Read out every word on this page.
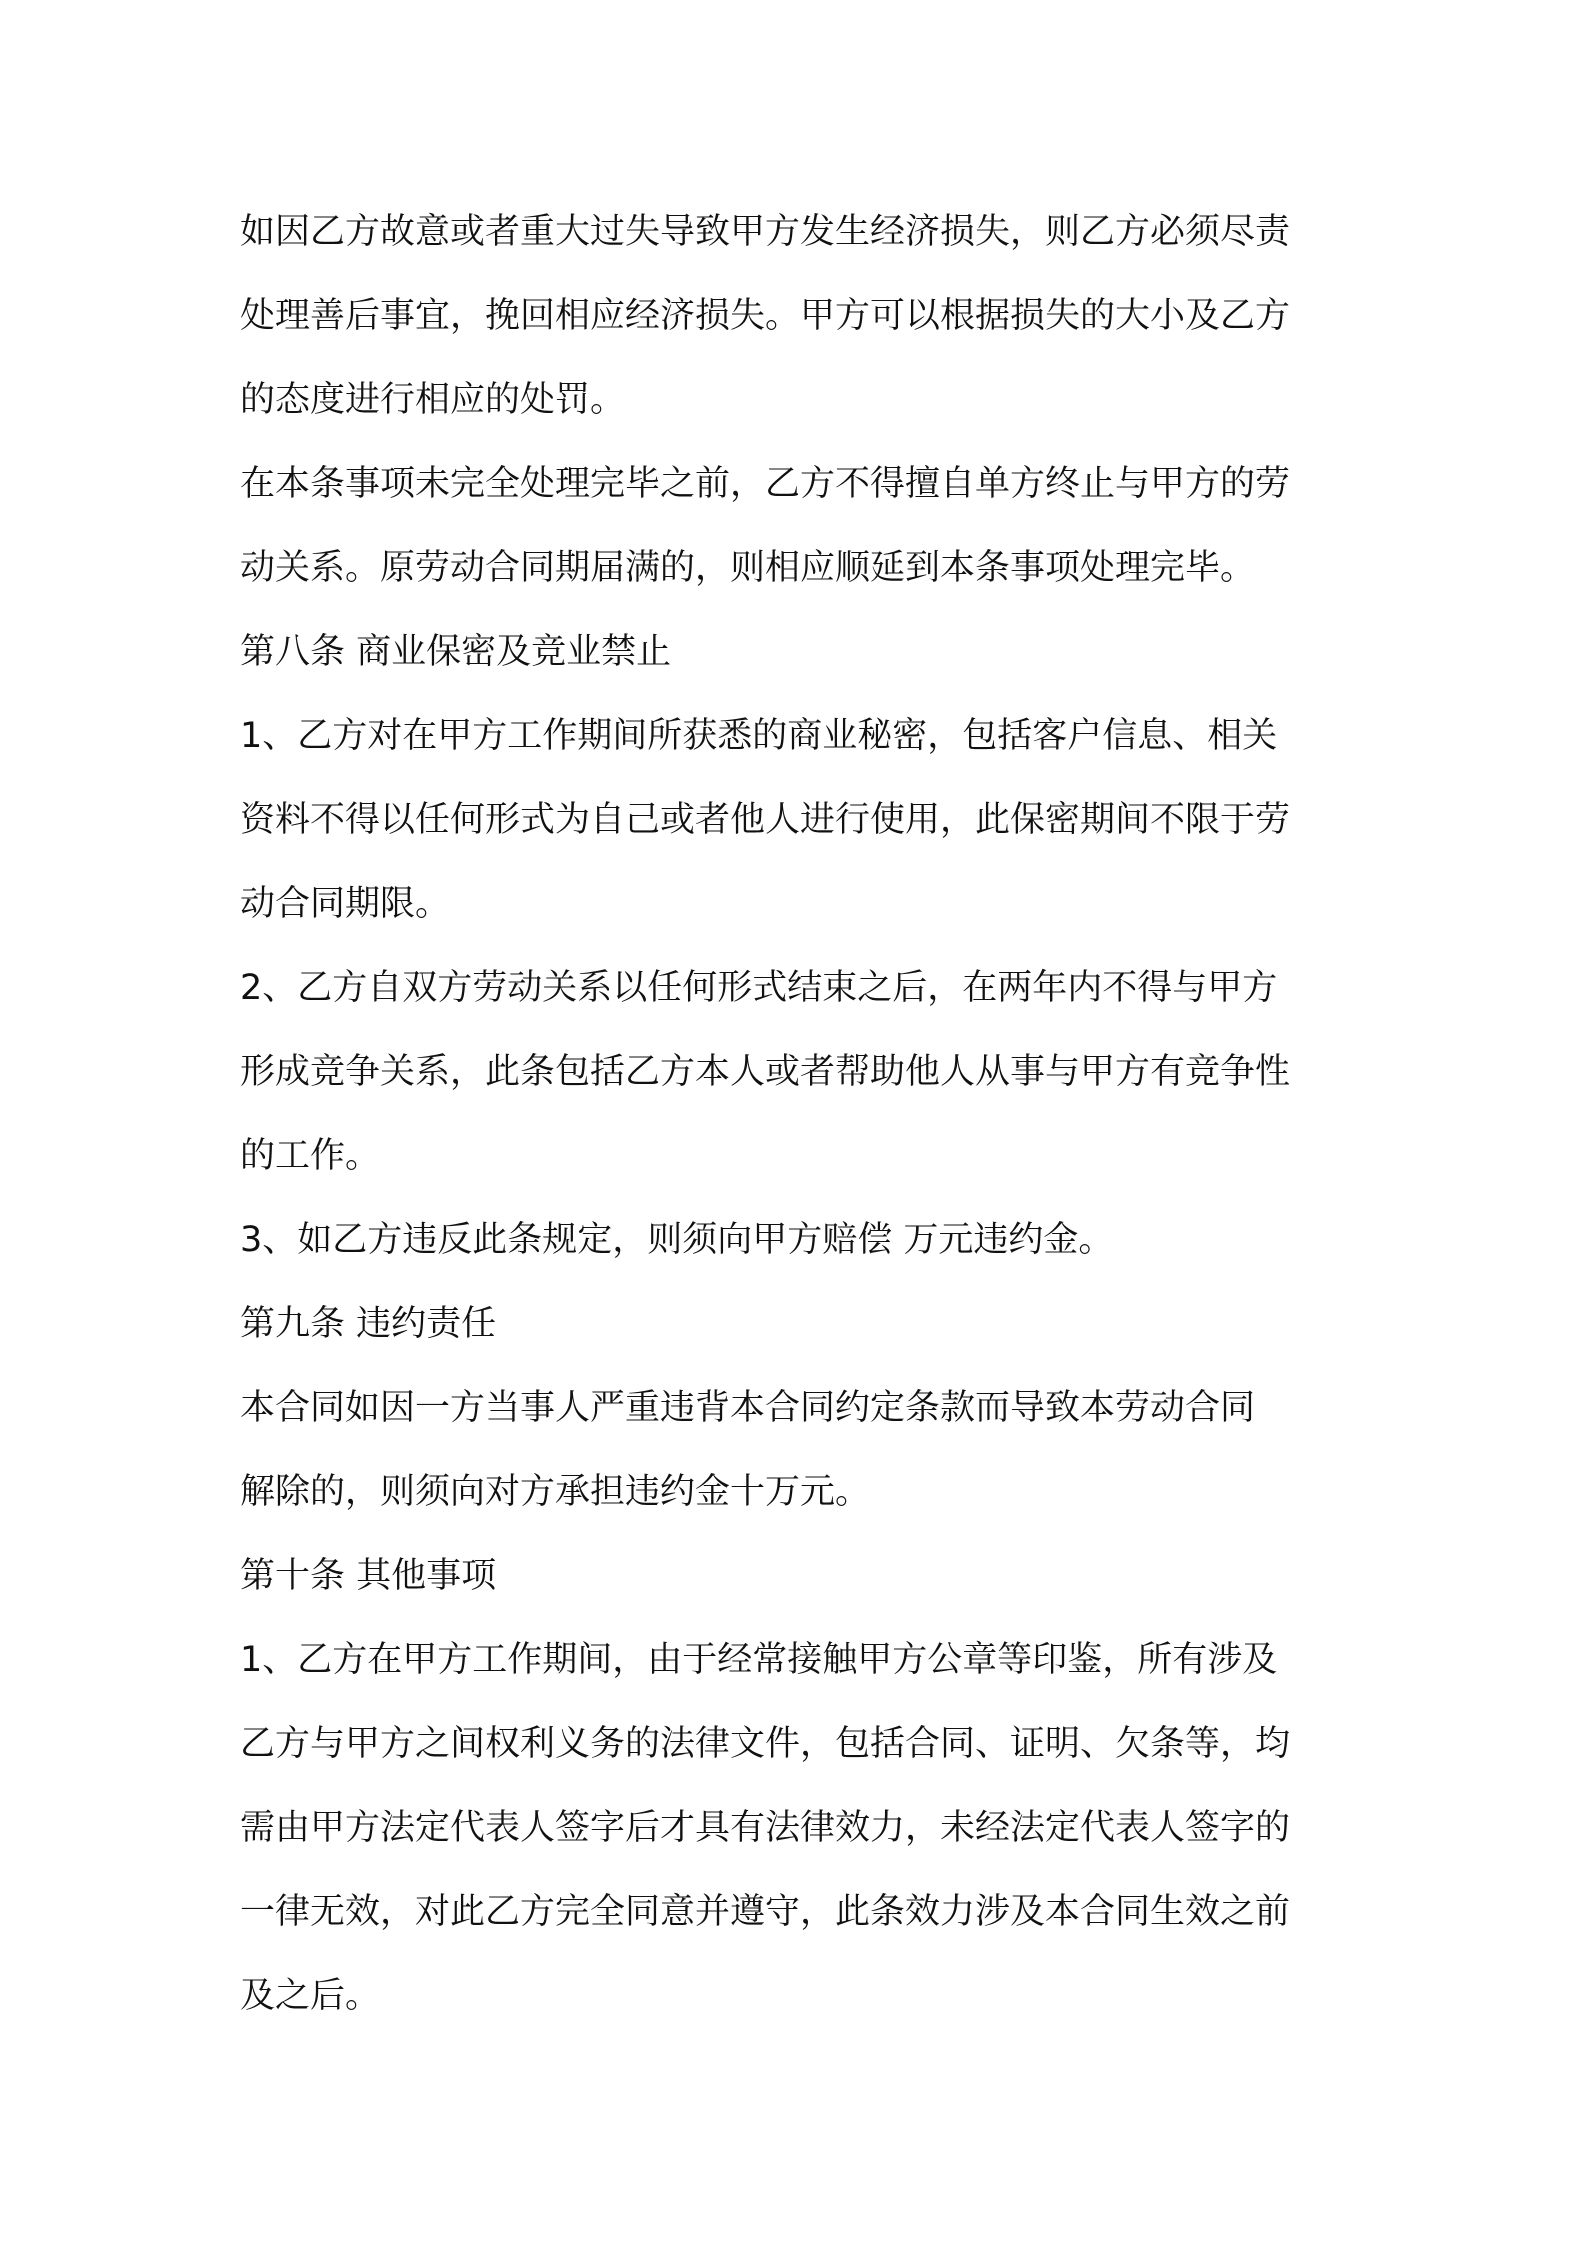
如因乙方故意或者重大过失导致甲方发生经济损失，则乙方必须尽责
处理善后事宜，挽回相应经济损失。甲方可以根据损失的大小及乙方
的态度进行相应的处罚。
在本条事项未完全处理完毕之前，乙方不得擅自单方终止与甲方的劳
动关系。原劳动合同期届满的，则相应顺延到本条事项处理完毕。
第八条 商业保密及竞业禁止
1、乙方对在甲方工作期间所获悉的商业秘密，包括客户信息、相关
资料不得以任何形式为自己或者他人进行使用，此保密期间不限于劳
动合同期限。
2、乙方自双方劳动关系以任何形式结束之后，在两年内不得与甲方
形成竞争关系，此条包括乙方本人或者帮助他人从事与甲方有竞争性
的工作。
3、如乙方违反此条规定，则须向甲方赔偿 万元违约金。
第九条 违约责任
本合同如因一方当事人严重违背本合同约定条款而导致本劳动合同
解除的，则须向对方承担违约金十万元。
第十条 其他事项
1、乙方在甲方工作期间，由于经常接触甲方公章等印鉴，所有涉及
乙方与甲方之间权利义务的法律文件，包括合同、证明、欠条等，均
需由甲方法定代表人签字后才具有法律效力，未经法定代表人签字的
一律无效，对此乙方完全同意并遵守，此条效力涉及本合同生效之前
及之后。
